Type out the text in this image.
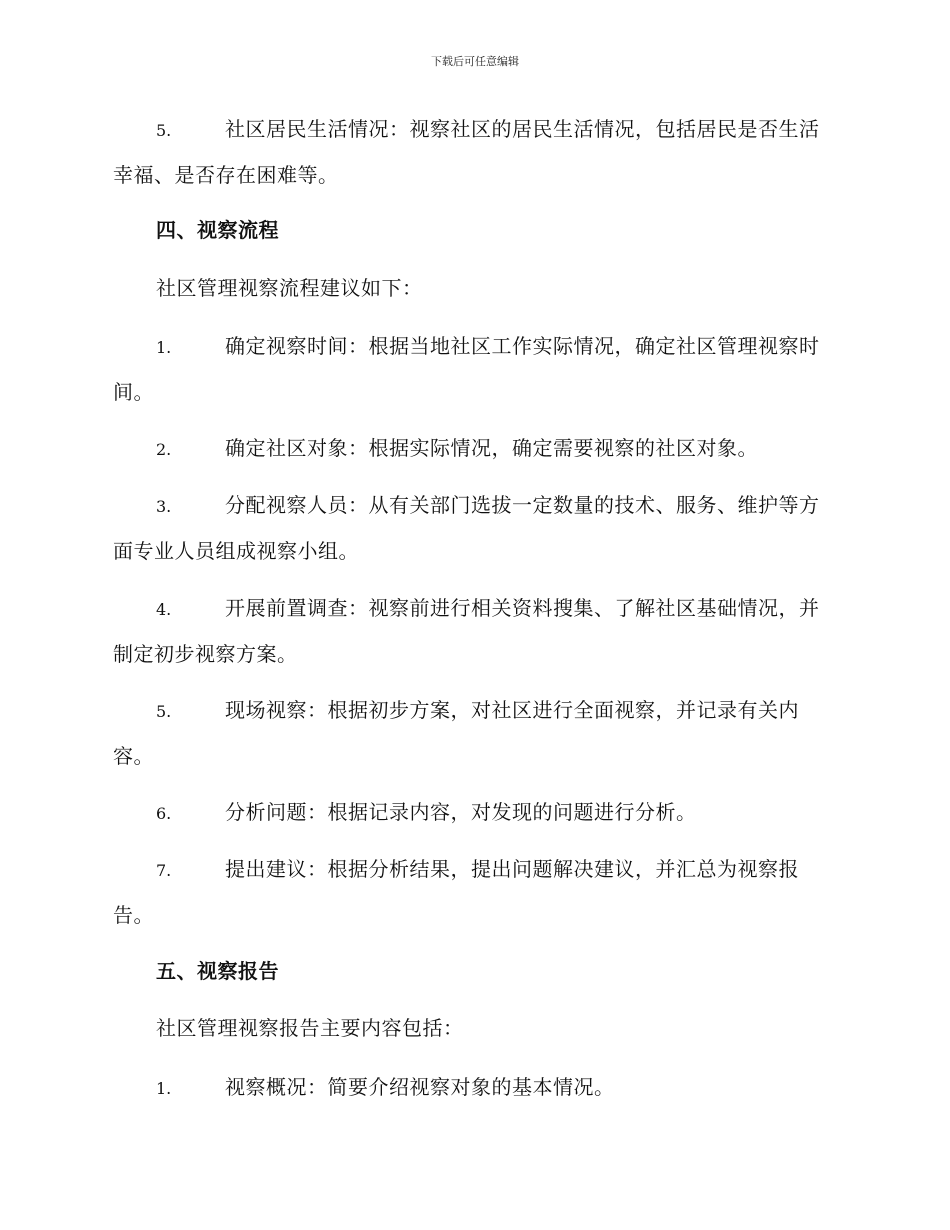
下载后可任意编辑

5.	社区居民生活情况：视察社区的居民生活情况，包括居民是否生活幸福、是否存在困难等。

四、视察流程

社区管理视察流程建议如下：

1.	确定视察时间：根据当地社区工作实际情况，确定社区管理视察时间。

2.	确定社区对象：根据实际情况，确定需要视察的社区对象。

3.	分配视察人员：从有关部门选拔一定数量的技术、服务、维护等方面专业人员组成视察小组。

4.	开展前置调查：视察前进行相关资料搜集、了解社区基础情况，并制定初步视察方案。

5.	现场视察：根据初步方案，对社区进行全面视察，并记录有关内容。

6.	分析问题：根据记录内容，对发现的问题进行分析。

7.	提出建议：根据分析结果，提出问题解决建议，并汇总为视察报告。

五、视察报告

社区管理视察报告主要内容包括：

1.	视察概况：简要介绍视察对象的基本情况。
